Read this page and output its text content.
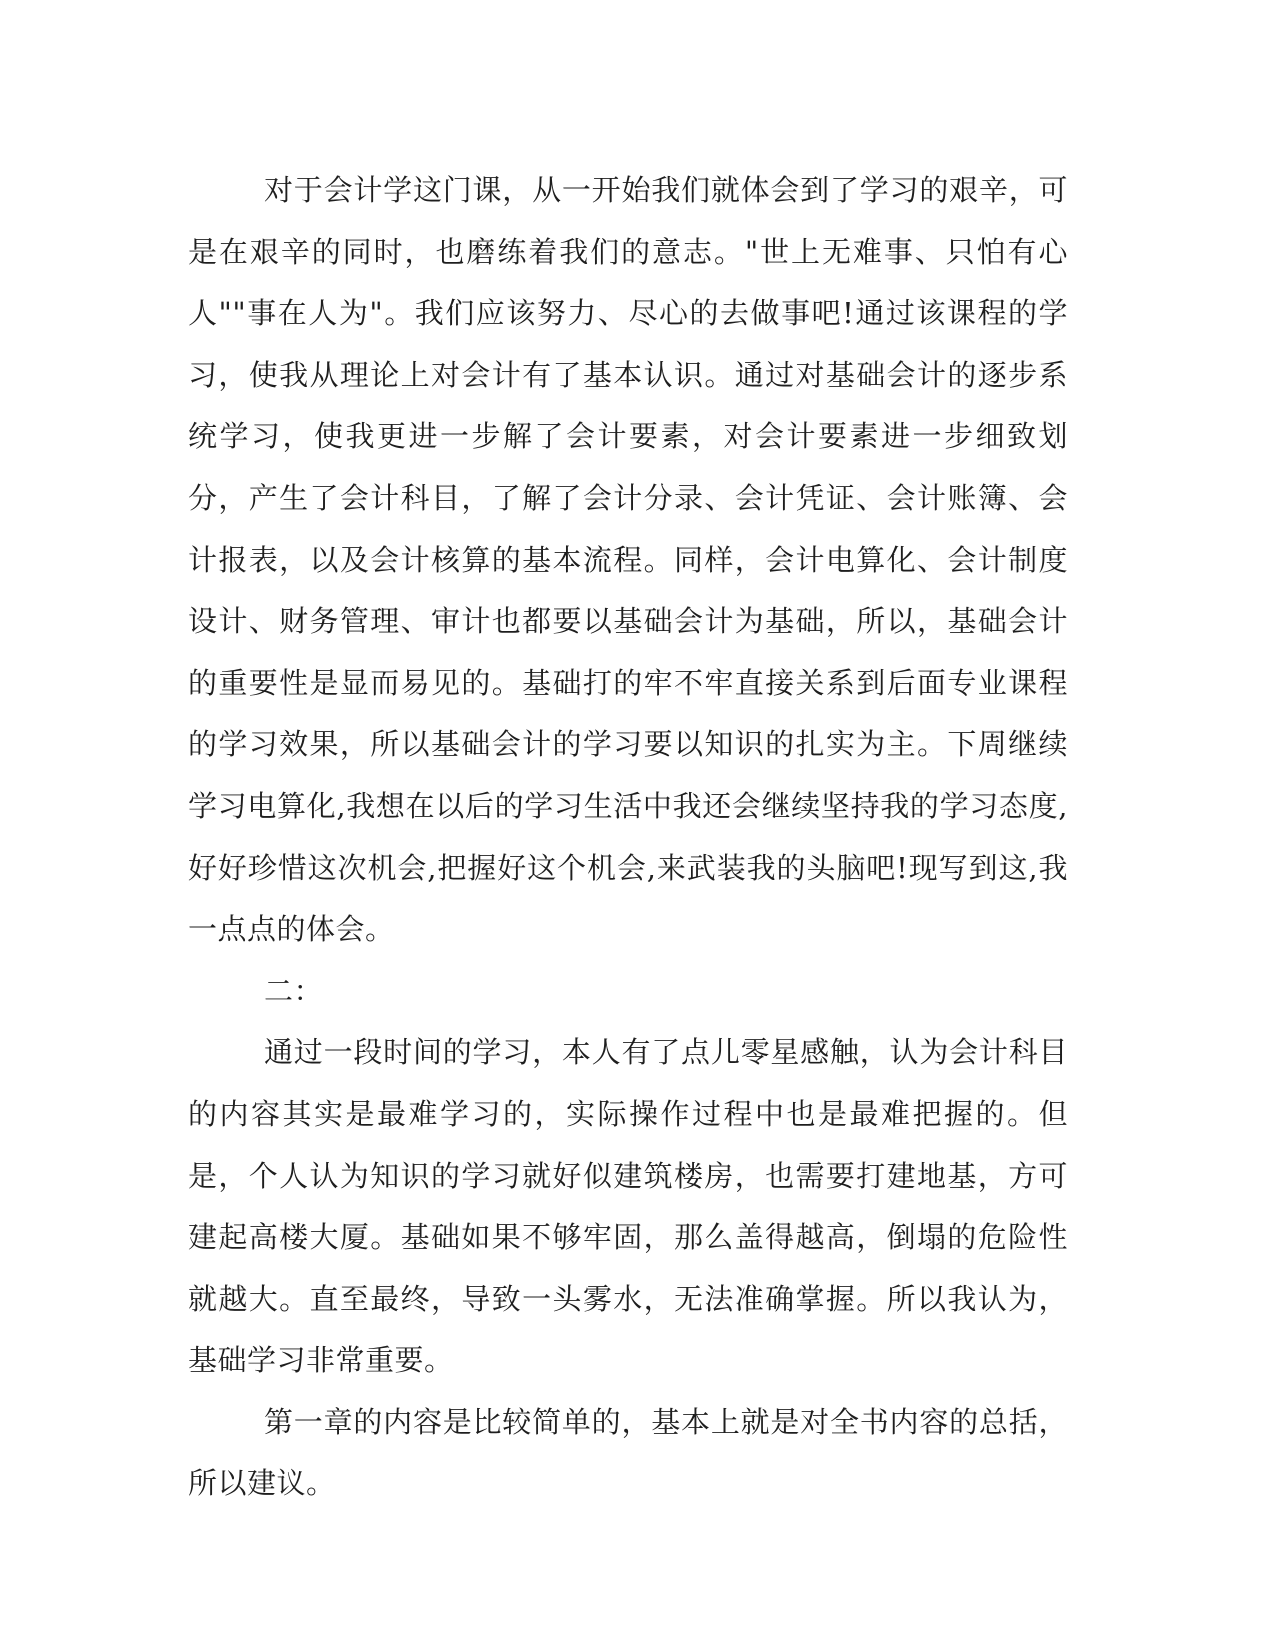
对于会计学这门课，从一开始我们就体会到了学习的艰辛，可是在艰辛的同时，也磨练着我们的意志。"世上无难事、只怕有心人""事在人为"。我们应该努力、尽心的去做事吧!通过该课程的学习，使我从理论上对会计有了基本认识。通过对基础会计的逐步系统学习，使我更进一步解了会计要素，对会计要素进一步细致划分，产生了会计科目，了解了会计分录、会计凭证、会计账簿、会计报表，以及会计核算的基本流程。同样，会计电算化、会计制度设计、财务管理、审计也都要以基础会计为基础，所以，基础会计的重要性是显而易见的。基础打的牢不牢直接关系到后面专业课程的学习效果，所以基础会计的学习要以知识的扎实为主。下周继续学习电算化,我想在以后的学习生活中我还会继续坚持我的学习态度,好好珍惜这次机会,把握好这个机会,来武装我的头脑吧!现写到这,我一点点的体会。

二：

通过一段时间的学习，本人有了点儿零星感触，认为会计科目的内容其实是最难学习的，实际操作过程中也是最难把握的。但是，个人认为知识的学习就好似建筑楼房，也需要打建地基，方可建起高楼大厦。基础如果不够牢固，那么盖得越高，倒塌的危险性就越大。直至最终，导致一头雾水，无法准确掌握。所以我认为，基础学习非常重要。

第一章的内容是比较简单的，基本上就是对全书内容的总括，所以建议。
